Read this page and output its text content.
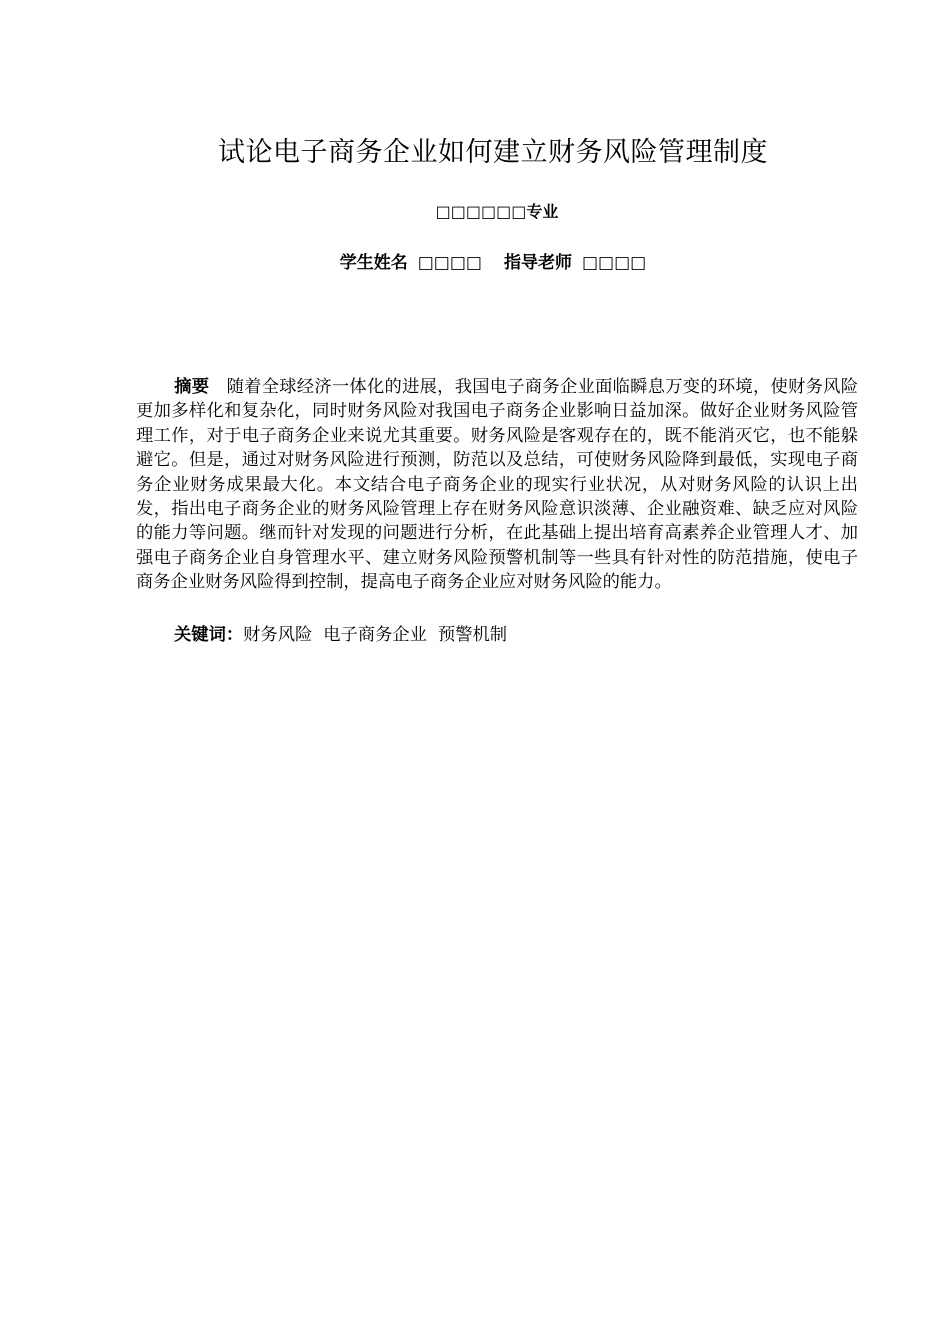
试论电子商务企业如何建立财务风险管理制度
□□□□□□专业
学生姓名 □□□□ 指导老师 □□□□
摘要 随着全球经济一体化的进展，我国电子商务企业面临瞬息万变的环境，使财务风险更加多样化和复杂化，同时财务风险对我国电子商务企业影响日益加深。做好企业财务风险管理工作，对于电子商务企业来说尤其重要。财务风险是客观存在的，既不能消灭它，也不能躲避它。但是，通过对财务风险进行预测，防范以及总结，可使财务风险降到最低，实现电子商务企业财务成果最大化。本文结合电子商务企业的现实行业状况，从对财务风险的认识上出发，指出电子商务企业的财务风险管理上存在财务风险意识淡薄、企业融资难、缺乏应对风险的能力等问题。继而针对发现的问题进行分析，在此基础上提出培育高素养企业管理人才、加强电子商务企业自身管理水平、建立财务风险预警机制等一些具有针对性的防范措施，使电子商务企业财务风险得到控制，提高电子商务企业应对财务风险的能力。
关键词：财务风险  电子商务企业  预警机制
